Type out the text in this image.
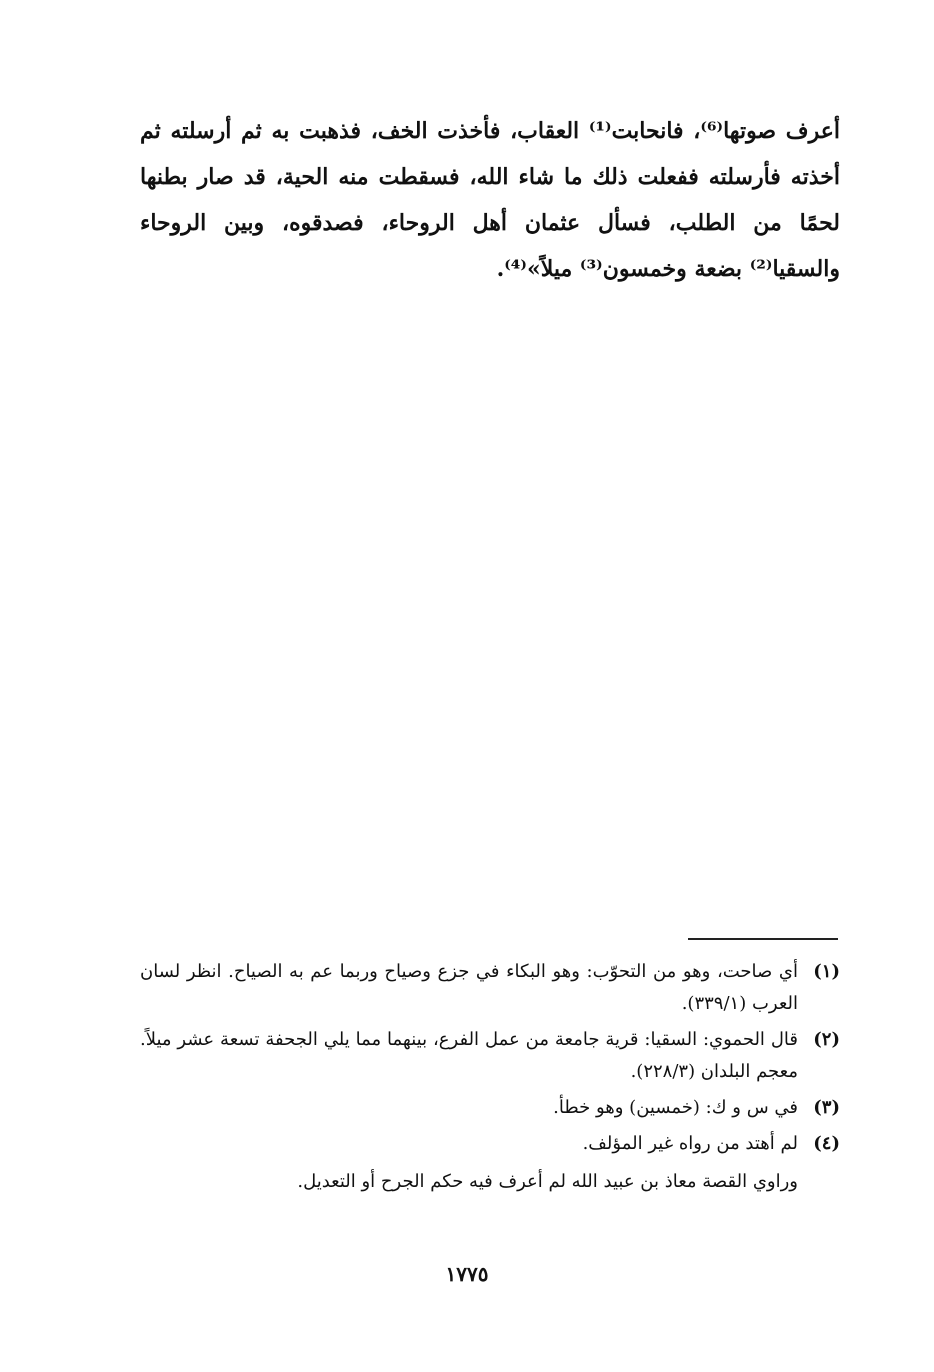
أعرف صوتها⁽⁶⁾، فانحابت⁽¹⁾ العقاب، فأخذت الخف، فذهبت به ثم أرسلته ثم أخذته فأرسلته ففعلت ذلك ما شاء الله، فسقطت منه الحية، قد صار بطنها لحمًا من الطلب، فسأل عثمان أهل الروحاء، فصدقوه، وبين الروحاء والسقيا⁽²⁾ بضعة وخمسون⁽³⁾ ميلاً»⁽⁴⁾.

(١)
أي صاحت، وهو من التحوّب: وهو البكاء في جزع وصياح وربما عم به الصياح. انظر لسان العرب (٣٣٩/١).
(٢)
قال الحموي: السقيا: قرية جامعة من عمل الفرع، بينهما مما يلي الجحفة تسعة عشر ميلاً. معجم البلدان (٢٢٨/٣).
(٣)
في س و ك: (خمسين) وهو خطأ.
(٤)
لم أهتد من رواه غير المؤلف.
وراوي القصة معاذ بن عبيد الله لم أعرف فيه حكم الجرح أو التعديل.
١٧٧٥
